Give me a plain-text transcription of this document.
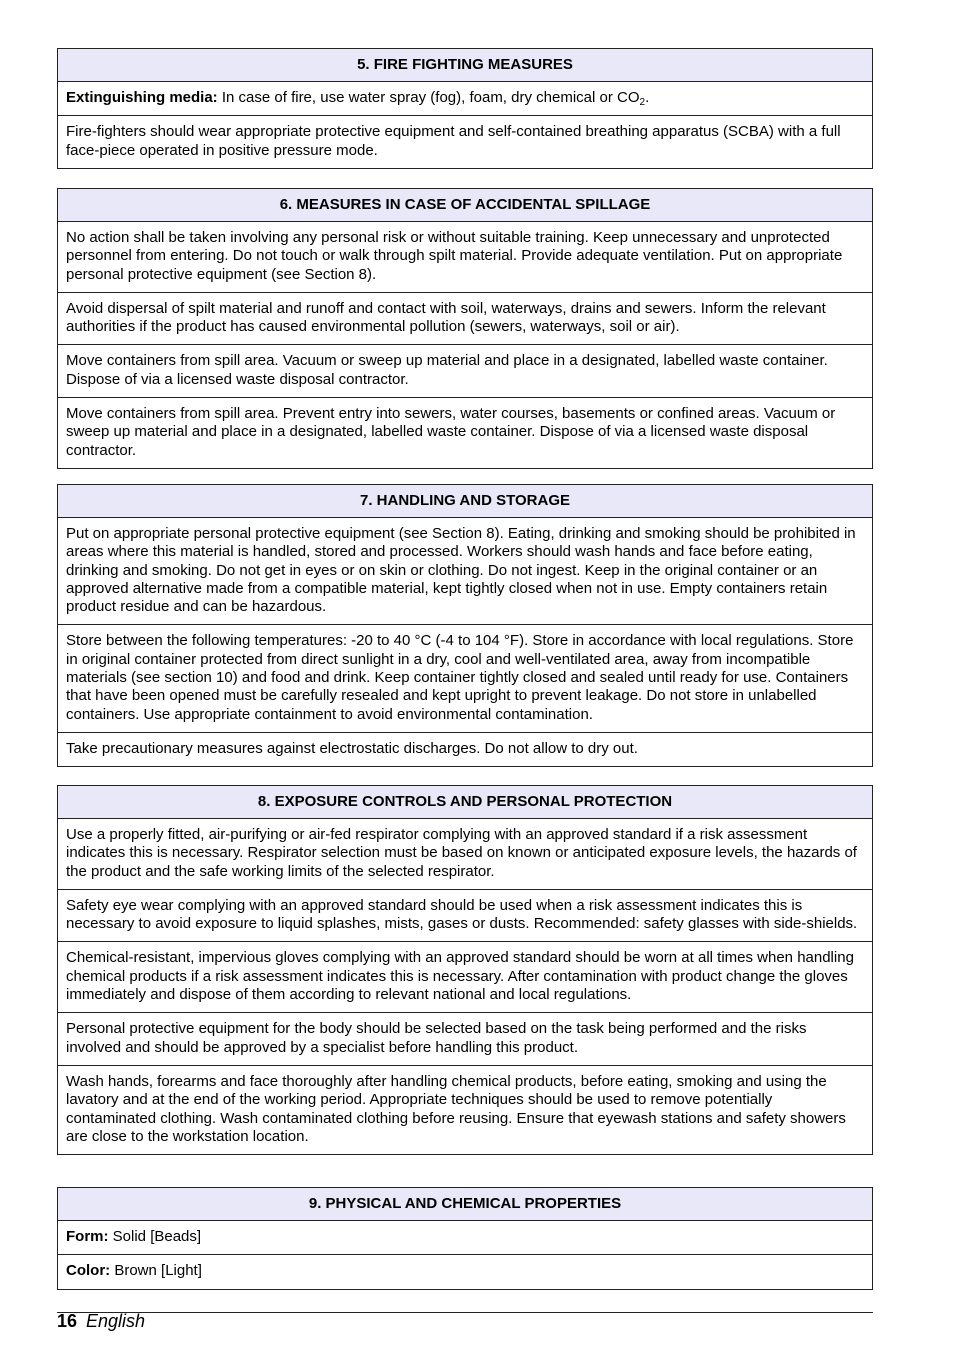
5. FIRE FIGHTING MEASURES
Extinguishing media: In case of fire, use water spray (fog), foam, dry chemical or $CO_2$.
Fire-fighters should wear appropriate protective equipment and self-contained breathing apparatus (SCBA) with a full face-piece operated in positive pressure mode.
6. MEASURES IN CASE OF ACCIDENTAL SPILLAGE
No action shall be taken involving any personal risk or without suitable training. Keep unnecessary and unprotected personnel from entering. Do not touch or walk through spilt material. Provide adequate ventilation. Put on appropriate personal protective equipment (see Section 8).
Avoid dispersal of spilt material and runoff and contact with soil, waterways, drains and sewers. Inform the relevant authorities if the product has caused environmental pollution (sewers, waterways, soil or air).
Move containers from spill area. Vacuum or sweep up material and place in a designated, labelled waste container. Dispose of via a licensed waste disposal contractor.
Move containers from spill area. Prevent entry into sewers, water courses, basements or confined areas. Vacuum or sweep up material and place in a designated, labelled waste container. Dispose of via a licensed waste disposal contractor.
7. HANDLING AND STORAGE
Put on appropriate personal protective equipment (see Section 8). Eating, drinking and smoking should be prohibited in areas where this material is handled, stored and processed. Workers should wash hands and face before eating, drinking and smoking. Do not get in eyes or on skin or clothing. Do not ingest. Keep in the original container or an approved alternative made from a compatible material, kept tightly closed when not in use. Empty containers retain product residue and can be hazardous.
Store between the following temperatures: -20 to 40 °C (-4 to 104 °F). Store in accordance with local regulations. Store in original container protected from direct sunlight in a dry, cool and well-ventilated area, away from incompatible materials (see section 10) and food and drink. Keep container tightly closed and sealed until ready for use. Containers that have been opened must be carefully resealed and kept upright to prevent leakage. Do not store in unlabelled containers. Use appropriate containment to avoid environmental contamination.
Take precautionary measures against electrostatic discharges. Do not allow to dry out.
8. EXPOSURE CONTROLS AND PERSONAL PROTECTION
Use a properly fitted, air-purifying or air-fed respirator complying with an approved standard if a risk assessment indicates this is necessary. Respirator selection must be based on known or anticipated exposure levels, the hazards of the product and the safe working limits of the selected respirator.
Safety eye wear complying with an approved standard should be used when a risk assessment indicates this is necessary to avoid exposure to liquid splashes, mists, gases or dusts. Recommended: safety glasses with side-shields.
Chemical-resistant, impervious gloves complying with an approved standard should be worn at all times when handling chemical products if a risk assessment indicates this is necessary. After contamination with product change the gloves immediately and dispose of them according to relevant national and local regulations.
Personal protective equipment for the body should be selected based on the task being performed and the risks involved and should be approved by a specialist before handling this product.
Wash hands, forearms and face thoroughly after handling chemical products, before eating, smoking and using the lavatory and at the end of the working period. Appropriate techniques should be used to remove potentially contaminated clothing. Wash contaminated clothing before reusing. Ensure that eyewash stations and safety showers are close to the workstation location.
9. PHYSICAL AND CHEMICAL PROPERTIES
Form: Solid [Beads]
Color: Brown [Light]
16 English
